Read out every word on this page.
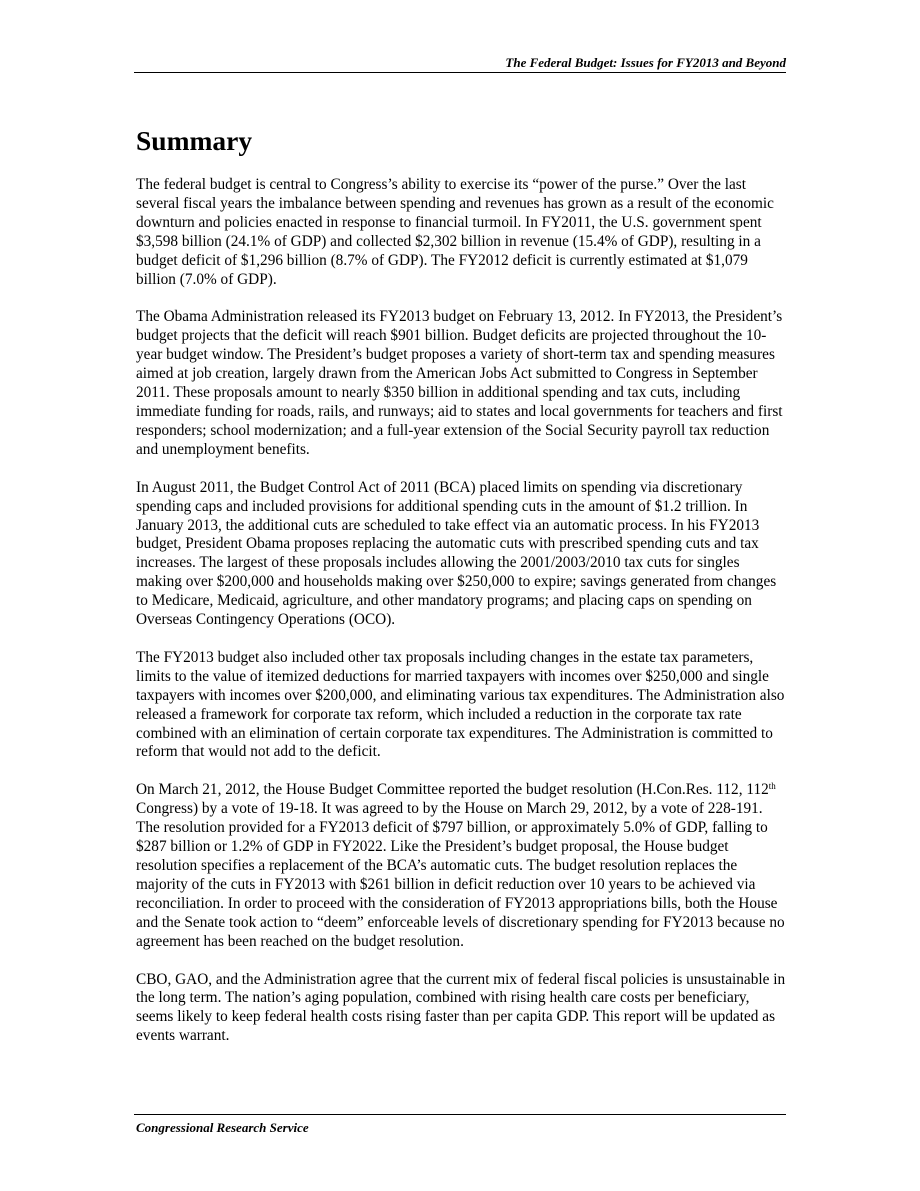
The Federal Budget: Issues for FY2013 and Beyond
Summary

The federal budget is central to Congress’s ability to exercise its “power of the purse.” Over the last several fiscal years the imbalance between spending and revenues has grown as a result of the economic downturn and policies enacted in response to financial turmoil. In FY2011, the U.S. government spent $3,598 billion (24.1% of GDP) and collected $2,302 billion in revenue (15.4% of GDP), resulting in a budget deficit of $1,296 billion (8.7% of GDP). The FY2012 deficit is currently estimated at $1,079 billion (7.0% of GDP).

The Obama Administration released its FY2013 budget on February 13, 2012. In FY2013, the President’s budget projects that the deficit will reach $901 billion. Budget deficits are projected throughout the 10-year budget window. The President’s budget proposes a variety of short-term tax and spending measures aimed at job creation, largely drawn from the American Jobs Act submitted to Congress in September 2011. These proposals amount to nearly $350 billion in additional spending and tax cuts, including immediate funding for roads, rails, and runways; aid to states and local governments for teachers and first responders; school modernization; and a full-year extension of the Social Security payroll tax reduction and unemployment benefits.

In August 2011, the Budget Control Act of 2011 (BCA) placed limits on spending via discretionary spending caps and included provisions for additional spending cuts in the amount of $1.2 trillion. In January 2013, the additional cuts are scheduled to take effect via an automatic process. In his FY2013 budget, President Obama proposes replacing the automatic cuts with prescribed spending cuts and tax increases. The largest of these proposals includes allowing the 2001/2003/2010 tax cuts for singles making over $200,000 and households making over $250,000 to expire; savings generated from changes to Medicare, Medicaid, agriculture, and other mandatory programs; and placing caps on spending on Overseas Contingency Operations (OCO).

The FY2013 budget also included other tax proposals including changes in the estate tax parameters, limits to the value of itemized deductions for married taxpayers with incomes over $250,000 and single taxpayers with incomes over $200,000, and eliminating various tax expenditures. The Administration also released a framework for corporate tax reform, which included a reduction in the corporate tax rate combined with an elimination of certain corporate tax expenditures. The Administration is committed to reform that would not add to the deficit.

On March 21, 2012, the House Budget Committee reported the budget resolution (H.Con.Res. 112, 112th Congress) by a vote of 19-18. It was agreed to by the House on March 29, 2012, by a vote of 228-191. The resolution provided for a FY2013 deficit of $797 billion, or approximately 5.0% of GDP, falling to $287 billion or 1.2% of GDP in FY2022. Like the President’s budget proposal, the House budget resolution specifies a replacement of the BCA’s automatic cuts. The budget resolution replaces the majority of the cuts in FY2013 with $261 billion in deficit reduction over 10 years to be achieved via reconciliation. In order to proceed with the consideration of FY2013 appropriations bills, both the House and the Senate took action to “deem” enforceable levels of discretionary spending for FY2013 because no agreement has been reached on the budget resolution.

CBO, GAO, and the Administration agree that the current mix of federal fiscal policies is unsustainable in the long term. The nation’s aging population, combined with rising health care costs per beneficiary, seems likely to keep federal health costs rising faster than per capita GDP. This report will be updated as events warrant.

Congressional Research Service
